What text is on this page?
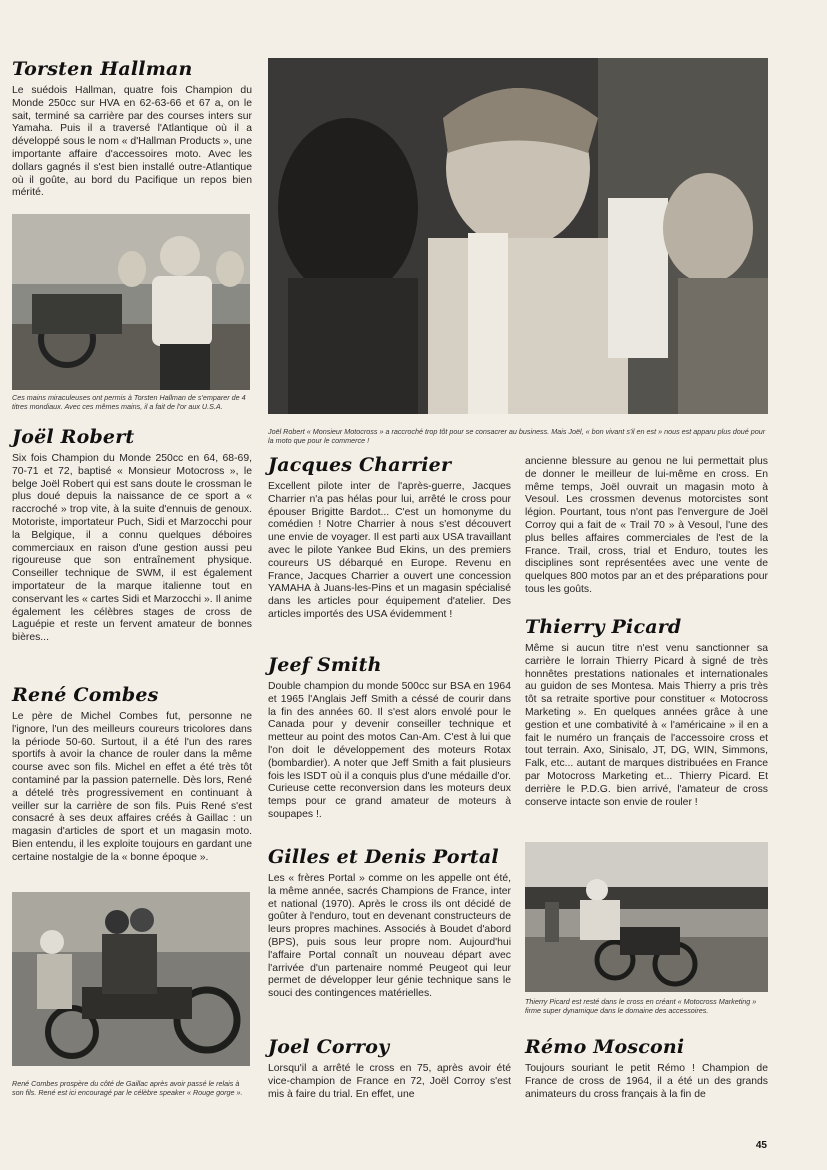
Torsten Hallman

Le suédois Hallman, quatre fois Champion du Monde 250cc sur HVA en 62-63-66 et 67 a, on le sait, terminé sa carrière par des courses inters sur Yamaha. Puis il a traversé l'Atlantique où il a développé sous le nom « d'Hallman Products », une importante affaire d'accessoires moto. Avec les dollars gagnés il s'est bien installé outre-Atlantique où il goûte, au bord du Pacifique un repos bien mérité.

Ces mains miraculeuses ont permis à Torsten Hallman de s'emparer de 4 titres mondiaux. Avec ces mêmes mains, il a fait de l'or aux U.S.A.

Joël Robert

Six fois Champion du Monde 250cc en 64, 68-69, 70-71 et 72, baptisé « Monsieur Motocross », le belge Joël Robert qui est sans doute le crossman le plus doué depuis la naissance de ce sport a « raccroché » trop vite, à la suite d'ennuis de genoux. Motoriste, importateur Puch, Sidi et Marzocchi pour la Belgique, il a connu quelques déboires commerciaux en raison d'une gestion aussi peu rigoureuse que son entraînement physique. Conseiller technique de SWM, il est également importateur de la marque italienne tout en conservant les « cartes Sidi et Marzocchi ». Il anime également les célèbres stages de cross de Laguépie et reste un fervent amateur de bonnes bières...

René Combes

Le père de Michel Combes fut, personne ne l'ignore, l'un des meilleurs coureurs tricolores dans la période 50-60. Surtout, il a été l'un des rares sportifs à avoir la chance de rouler dans la même course avec son fils. Michel en effet a été très tôt contaminé par la passion paternelle. Dès lors, René a dételé très progressivement en continuant à veiller sur la carrière de son fils. Puis René s'est consacré à ses deux affaires créés à Gaillac : un magasin d'articles de sport et un magasin moto. Bien entendu, il les exploite toujours en gardant une certaine nostalgie de la « bonne époque ».

René Combes prospère du côté de Gaillac après avoir passé le relais à son fils. René est ici encouragé par le célèbre speaker « Rouge gorge ».

Joël Robert « Monsieur Motocross » a raccroché trop tôt pour se consacrer au business. Mais Joël, « bon vivant s'il en est » nous est apparu plus doué pour la moto que pour le commerce !

Jacques Charrier

Excellent pilote inter de l'après-guerre, Jacques Charrier n'a pas hélas pour lui, arrêté le cross pour épouser Brigitte Bardot... C'est un homonyme du comédien ! Notre Charrier à nous s'est découvert une envie de voyager. Il est parti aux USA travaillant avec le pilote Yankee Bud Ekins, un des premiers coureurs US débarqué en Europe. Revenu en France, Jacques Charrier a ouvert une concession YAMAHA à Juans-les-Pins et un magasin spécialisé dans les articles pour équipement d'atelier. Des articles importés des USA évidemment !

Jeef Smith

Double champion du monde 500cc sur BSA en 1964 et 1965 l'Anglais Jeff Smith a céssé de courir dans la fin des années 60. Il s'est alors envolé pour le Canada pour y devenir conseiller technique et metteur au point des motos Can-Am. C'est à lui que l'on doit le développement des moteurs Rotax (bombardier). A noter que Jeff Smith a fait plusieurs fois les ISDT où il a conquis plus d'une médaille d'or. Curieuse cette reconversion dans les moteurs deux temps pour ce grand amateur de moteurs à soupapes !.

Gilles et Denis Portal

Les « frères Portal » comme on les appelle ont été, la même année, sacrés Champions de France, inter et national (1970). Après le cross ils ont décidé de goûter à l'enduro, tout en devenant constructeurs de leurs propres machines. Associés à Boudet d'abord (BPS), puis sous leur propre nom. Aujourd'hui l'affaire Portal connaît un nouveau départ avec l'arrivée d'un partenaire nommé Peugeot qui leur permet de développer leur génie technique sans le souci des contingences matérielles.

Joel Corroy

Lorsqu'il a arrêté le cross en 75, après avoir été vice-champion de France en 72, Joël Corroy s'est mis à faire du trial. En effet, une

ancienne blessure au genou ne lui permettait plus de donner le meilleur de lui-même en cross. En même temps, Joël ouvrait un magasin moto à Vesoul. Les crossmen devenus motorcistes sont légion. Pourtant, tous n'ont pas l'envergure de Joël Corroy qui a fait de « Trail 70 » à Vesoul, l'une des plus belles affaires commerciales de l'est de la France. Trail, cross, trial et Enduro, toutes les disciplines sont représentées avec une vente de quelques 800 motos par an et des préparations pour tous les goûts.

Thierry Picard

Même si aucun titre n'est venu sanctionner sa carrière le lorrain Thierry Picard à signé de très honnêtes prestations nationales et internationales au guidon de ses Montesa. Mais Thierry a pris très tôt sa retraite sportive pour constituer « Motocross Marketing ». En quelques années grâce à une gestion et une combativité à « l'américaine » il en a fait le numéro un français de l'accessoire cross et tout terrain. Axo, Sinisalo, JT, DG, WIN, Simmons, Falk, etc... autant de marques distribuées en France par Motocross Marketing et... Thierry Picard. Et derrière le P.D.G. bien arrivé, l'amateur de cross conserve intacte son envie de rouler !

Thierry Picard est resté dans le cross en créant « Motocross Marketing » firme super dynamique dans le domaine des accessoires.

Rémo Mosconi

Toujours souriant le petit Rémo ! Champion de France de cross de 1964, il a été un des grands animateurs du cross français à la fin de

45
